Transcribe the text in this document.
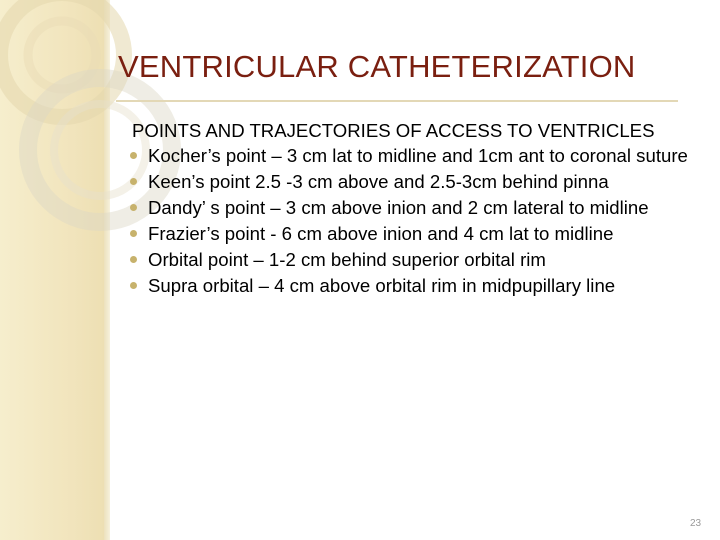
VENTRICULAR CATHETERIZATION

POINTS AND TRAJECTORIES OF ACCESS TO VENTRICLES

Kocher’s point – 3 cm lat to midline and 1cm ant to coronal suture
Keen’s point 2.5 -3 cm above and 2.5-3cm behind pinna
Dandy’ s point – 3 cm above inion and 2 cm lateral to midline
Frazier’s point - 6 cm above inion and 4 cm lat to midline
Orbital point – 1-2 cm behind superior orbital rim
Supra orbital – 4 cm above orbital rim in midpupillary line
23
